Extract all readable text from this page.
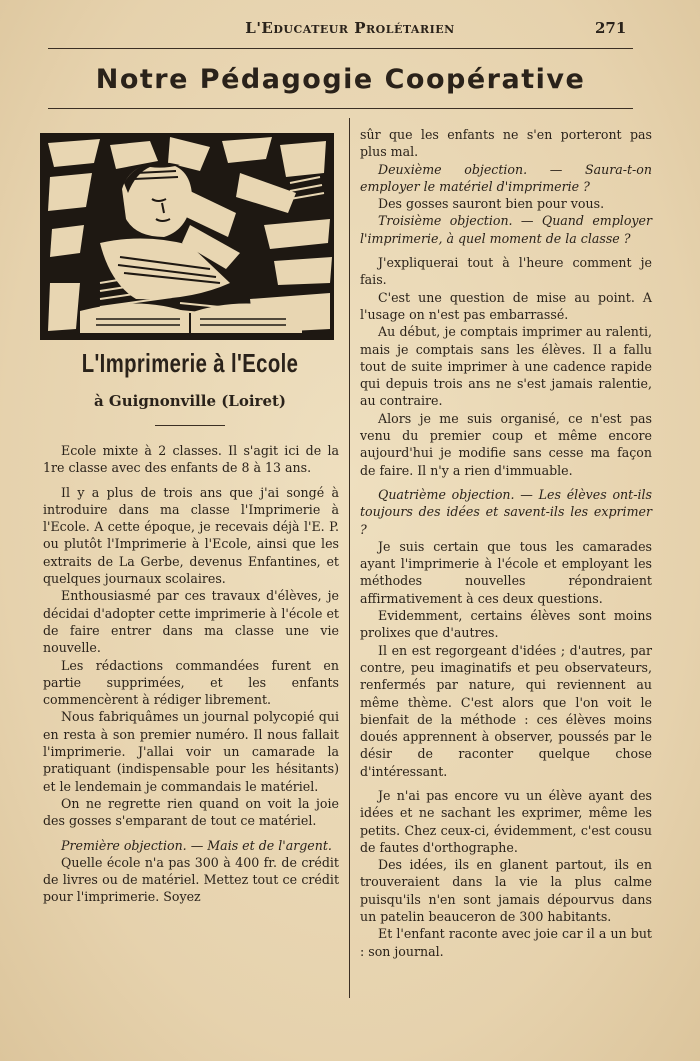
L'Educateur Prolétarien	271
Notre Pédagogie Coopérative
L'Imprimerie à l'Ecole
à Guignonville (Loiret)

Ecole mixte à 2 classes. Il s'agit ici de la 1re classe avec des enfants de 8 à 13 ans.

Il y a plus de trois ans que j'ai songé à introduire dans ma classe l'Imprimerie à l'Ecole. A cette époque, je recevais déjà l'E. P. ou plutôt l'Imprimerie à l'Ecole, ainsi que les extraits de La Gerbe, devenus Enfantines, et quelques journaux scolaires.

Enthousiasmé par ces travaux d'élèves, je décidai d'adopter cette imprimerie à l'école et de faire entrer dans ma classe une vie nouvelle.

Les rédactions commandées furent en partie supprimées, et les enfants commencèrent à rédiger librement.

Nous fabriquâmes un journal polycopié qui en resta à son premier numéro. Il nous fallait l'imprimerie. J'allai voir un camarade la pratiquant (indispensable pour les hésitants) et le lendemain je commandais le matériel.

On ne regrette rien quand on voit la joie des gosses s'emparant de tout ce matériel.

Première objection. — Mais et de l'argent.

Quelle école n'a pas 300 à 400 fr. de crédit de livres ou de matériel. Mettez tout ce crédit pour l'imprimerie. Soyez

sûr que les enfants ne s'en porteront pas plus mal.

Deuxième objection. — Saura-t-on employer le matériel d'imprimerie ?

Des gosses sauront bien pour vous.

Troisième objection. — Quand employer l'imprimerie, à quel moment de la classe ?

J'expliquerai tout à l'heure comment je fais.

C'est une question de mise au point. A l'usage on n'est pas embarrassé.

Au début, je comptais imprimer au ralenti, mais je comptais sans les élèves. Il a fallu tout de suite imprimer à une cadence rapide qui depuis trois ans ne s'est jamais ralentie, au contraire.

Alors je me suis organisé, ce n'est pas venu du premier coup et même encore aujourd'hui je modifie sans cesse ma façon de faire. Il n'y a rien d'immuable.

Quatrième objection. — Les élèves ont-ils toujours des idées et savent-ils les exprimer ?

Je suis certain que tous les camarades ayant l'imprimerie à l'école et employant les méthodes nouvelles répondraient affirmativement à ces deux questions.

Evidemment, certains élèves sont moins prolixes que d'autres.

Il en est regorgeant d'idées ; d'autres, par contre, peu imaginatifs et peu observateurs, renfermés par nature, qui reviennent au même thème. C'est alors que l'on voit le bienfait de la méthode : ces élèves moins doués apprennent à observer, poussés par le désir de raconter quelque chose d'intéressant.

Je n'ai pas encore vu un élève ayant des idées et ne sachant les exprimer, même les petits. Chez ceux-ci, évidemment, c'est cousu de fautes d'orthographe.

Des idées, ils en glanent partout, ils en trouveraient dans la vie la plus calme puisqu'ils n'en sont jamais dépourvus dans un patelin beauceron de 300 habitants.

Et l'enfant raconte avec joie car il a un but : son journal.
